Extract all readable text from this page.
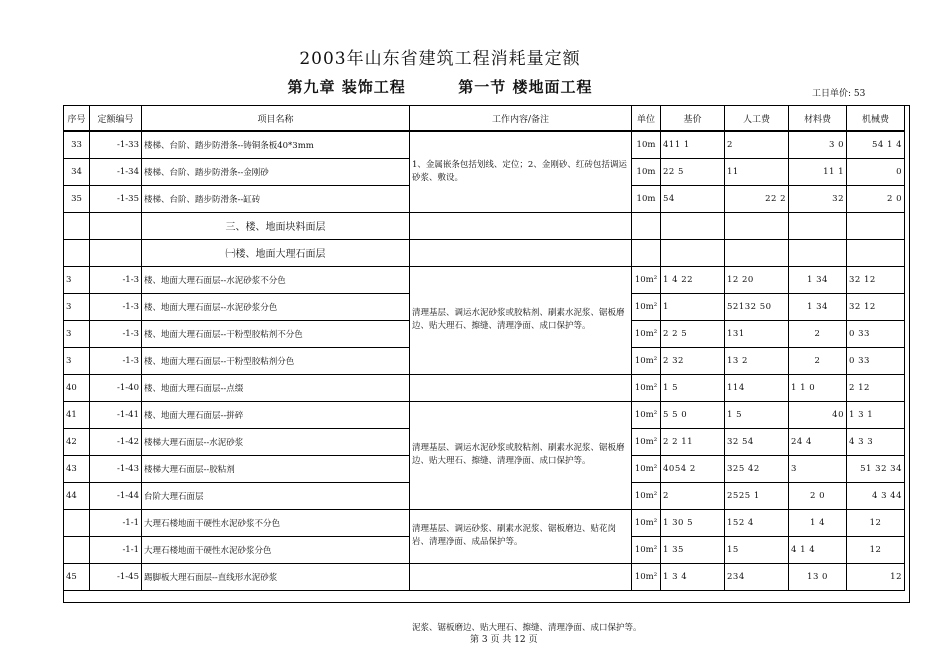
2003年山东省建筑工程消耗量定额
第九章 装饰工程	第一节 楼地面工程	工日单价: 53
序号	定额编号	项目名称	工作内容/备注	单位	基价	人工费	材料费	机械费
33	-1-33	楼梯、台阶、踏步防滑条--铸铜条板40*3mm	1、金属嵌条包括划线、定位；2、金刚砂、红砖包括调运砂浆、敷设。	10m	411 1	2	3 0	54 1 4
34	-1-34	楼梯、台阶、踏步防滑条--金刚砂		10m	22 5	11	11 1	0
35	-1-35	楼梯、台阶、踏步防滑条--缸砖		10m	54	22 2	32	2 0
		三、楼、地面块料面层						
		㈠楼、地面大理石面层						
3	-1-3	楼、地面大理石面层--水泥砂浆不分色	清理基层、调运水泥砂浆或胶粘剂、刷素水泥浆、锯板磨边、贴大理石、擦缝、清理净面、成口保护等。	10m²	1 4 22	12 20	1 34	32 12
3	-1-3	楼、地面大理石面层--水泥砂浆分色		10m²	1	52132 50	1 34	32 12
3	-1-3	楼、地面大理石面层--干粉型胶粘剂不分色		10m²	2 2 5	131	2	0 33
3	-1-3	楼、地面大理石面层--干粉型胶粘剂分色		10m²	2 32	13 2	2	0 33
40	-1-40	楼、地面大理石面层--点缀		10m²	1 5	114	1 1 0	2 12
41	-1-41	楼、地面大理石面层--拼碎	清理基层、调运水泥砂浆或胶粘剂、刷素水泥浆、锯板磨边、贴大理石、擦缝、清理净面、成口保护等。	10m²	5 5 0	1 5	40	1 3 1
42	-1-42	楼梯大理石面层--水泥砂浆		10m²	2 2 11	32 54	24 4	4 3 3
43	-1-43	楼梯大理石面层--胶粘剂		10m²	4054 2	325 42	3	51 32 34
44	-1-44	台阶大理石面层		10m²	2	2525 1	2 0	4 3 44
	-1-1	大理石楼地面干硬性水泥砂浆不分色	清理基层、调运砂浆、刷素水泥浆、锯板磨边、贴花岗岩、清理净面、成品保护等。	10m²	1 30 5	152 4	1 4	12
	-1-1	大理石楼地面干硬性水泥砂浆分色		10m²	1 35	15	4 1 4	12
45	-1-45	踢脚板大理石面层--直线形水泥砂浆		10m²	1 3 4	234	13 0	12
泥浆、锯板磨边、贴大理石、擦缝、清理净面、成口保护等。
第 3 页 共 12 页
